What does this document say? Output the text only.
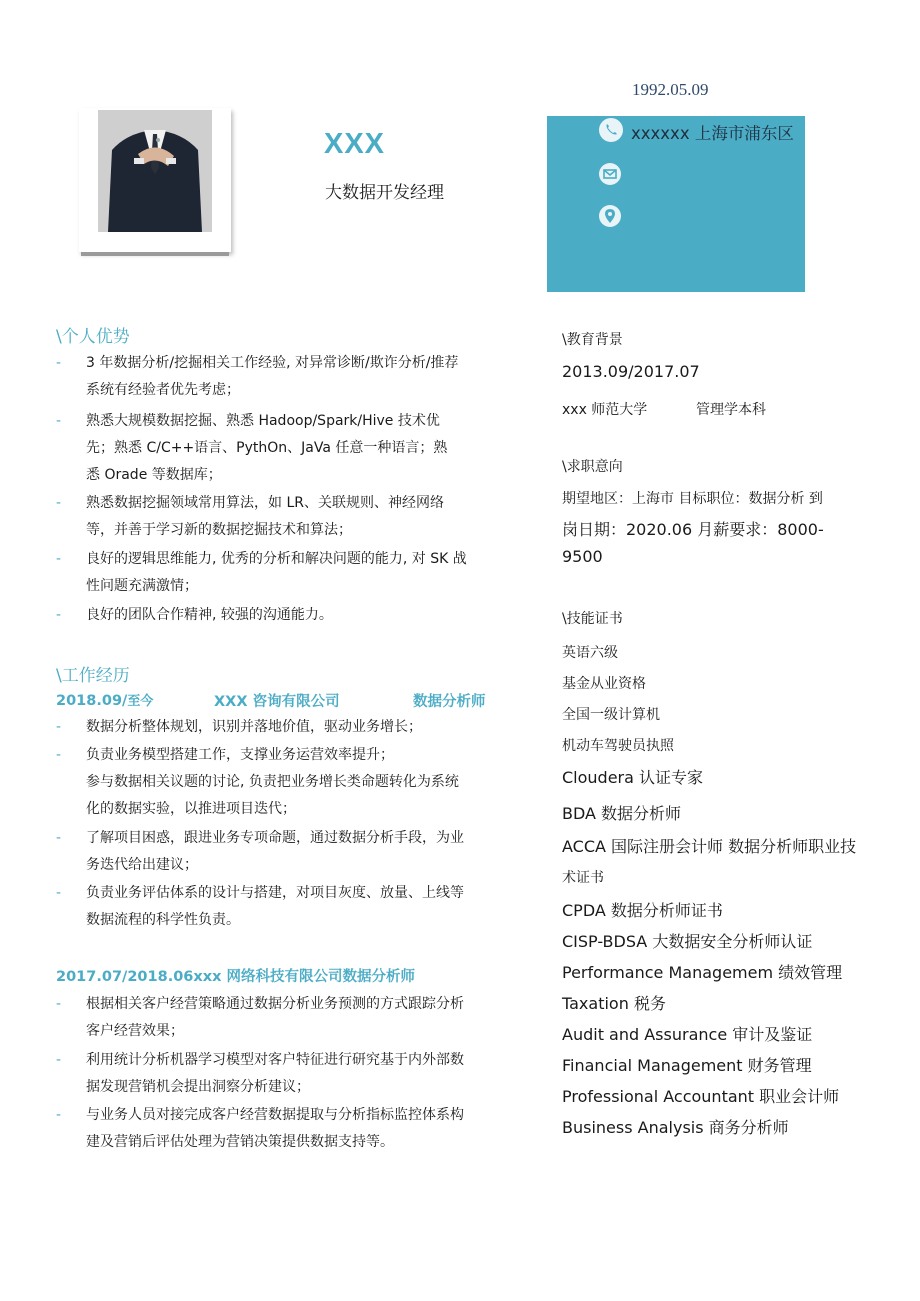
XXX
大数据开发经理
1992.05.09
xxxxxx 上海市浦东区
\个人优势
- 3 年数据分析/挖掘相关工作经验, 对异常诊断/欺诈分析/推荐
系统有经验者优先考虑；
- 熟悉大规模数据挖掘、熟悉 Hadoop/Spark/Hive 技术优
先；熟悉 C/C++语言、PythOn、JaVa 任意一种语言；熟
悉 Orade 等数据库；
- 熟悉数据挖掘领域常用算法，如 LR、关联规则、神经网络
等，并善于学习新的数据挖掘技术和算法；
- 良好的逻辑思维能力, 优秀的分析和解决问题的能力, 对 SK 战
性问题充满激情；
- 良好的团队合作精神, 较强的沟通能力。
\工作经历
2018.09/至今	XXX 咨询有限公司	数据分析师
- 数据分析整体规划，识别并落地价值，驱动业务增长；
- 负责业务模型搭建工作，支撑业务运营效率提升；
参与数据相关议题的讨论, 负责把业务增长类命题转化为系统
化的数据实验，以推进项目迭代；
- 了解项目困惑，跟进业务专项命题，通过数据分析手段，为业
务迭代给出建议；
- 负责业务评估体系的设计与搭建，对项目灰度、放量、上线等
数据流程的科学性负责。
2017.07/2018.06xxx 网络科技有限公司数据分析师
- 根据相关客户经营策略通过数据分析业务预测的方式跟踪分析
客户经营效果；
- 利用统计分析机器学习模型对客户特征进行研究基于内外部数
据发现营销机会提出洞察分析建议；
- 与业务人员对接完成客户经营数据提取与分析指标监控体系构
建及营销后评估处理为营销决策提供数据支持等。
\教育背景
2013.09/2017.07
xxx 师范大学	管理学本科
\求职意向
期望地区：上海市 目标职位：数据分析 到
岗日期：2020.06 月薪要求：8000-
9500
\技能证书
英语六级
基金从业资格
全国一级计算机
机动车驾驶员执照
Cloudera 认证专家
BDA 数据分析师
ACCA 国际注册会计师 数据分析师职业技
术证书
CPDA 数据分析师证书
CISP-BDSA 大数据安全分析师认证
Performance Managemem 绩效管理
Taxation 税务
Audit and Assurance 审计及鉴证
Financial Management 财务管理
Professional Accountant 职业会计师
Business Analysis 商务分析师
